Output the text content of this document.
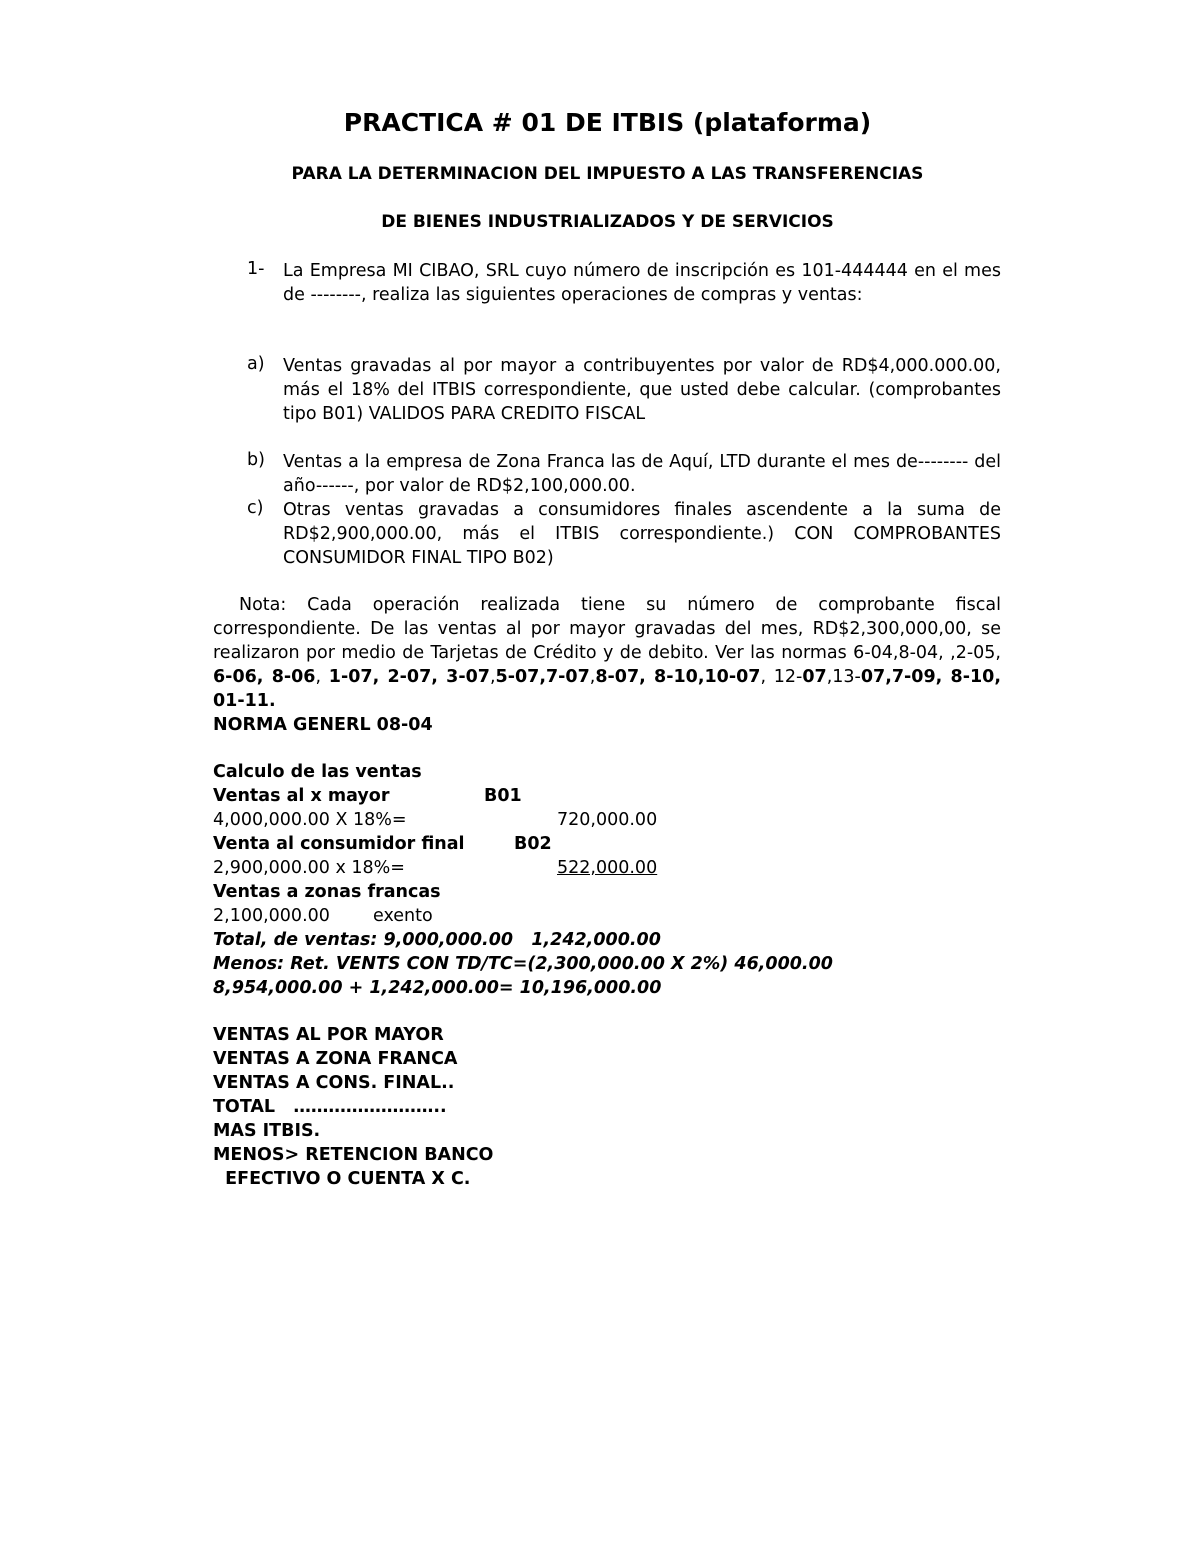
PRACTICA # 01 DE ITBIS (plataforma)
PARA LA DETERMINACION DEL IMPUESTO A LAS TRANSFERENCIAS
DE BIENES INDUSTRIALIZADOS Y DE SERVICIOS
1- La Empresa MI CIBAO, SRL cuyo número de inscripción es 101-444444 en el mes de --------, realiza las siguientes operaciones de compras y ventas:
a) Ventas gravadas al por mayor a contribuyentes por valor de RD$4,000.000.00, más el 18% del ITBIS correspondiente, que usted debe calcular. (comprobantes tipo B01) VALIDOS PARA CREDITO FISCAL
b) Ventas a la empresa de Zona Franca las de Aquí, LTD durante el mes de-------- del año------, por valor de RD$2,100,000.00.
c) Otras ventas gravadas a consumidores finales ascendente a la suma de RD$2,900,000.00, más el ITBIS correspondiente.) CON COMPROBANTES CONSUMIDOR FINAL TIPO B02)
Nota: Cada operación realizada tiene su número de comprobante fiscal correspondiente. De las ventas al por mayor gravadas del mes, RD$2,300,000,00, se realizaron por medio de Tarjetas de Crédito y de debito. Ver las normas 6-04,8-04, ,2-05, 6-06, 8-06, 1-07, 2-07, 3-07,5-07,7-07,8-07, 8-10,10-07, 12-07,13-07,7-09, 8-10, 01-11.
NORMA GENERL 08-04
Calculo de las ventas
Ventas al x mayor	B01
4,000,000.00 X 18%=	720,000.00
Venta al consumidor final	B02
2,900,000.00 x 18%=	522,000.00
Ventas a zonas francas
2,100,000.00 exento
Total, de ventas: 9,000,000.00   1,242,000.00
Menos: Ret. VENTS CON TD/TC=(2,300,000.00 X 2%) 46,000.00
8,954,000.00 + 1,242,000.00= 10,196,000.00
VENTAS AL POR MAYOR
VENTAS A ZONA FRANCA
VENTAS A CONS. FINAL..
TOTAL   ……………………..
MAS ITBIS.
MENOS> RETENCION BANCO
EFECTIVO O CUENTA X C.
